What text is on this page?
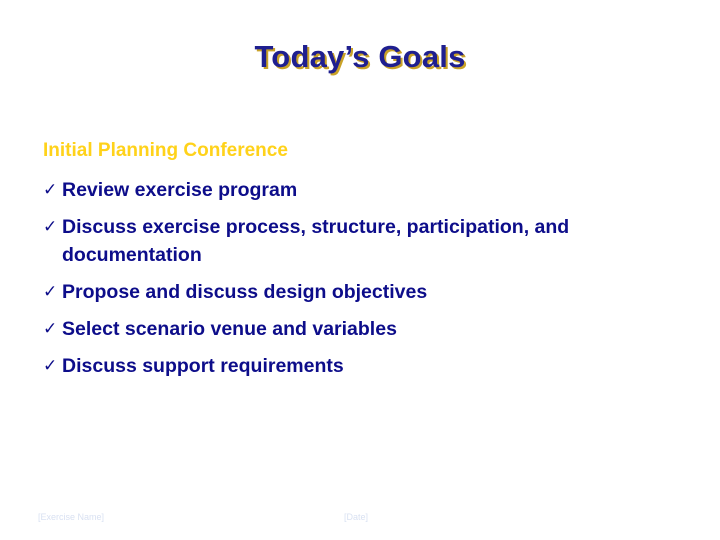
Today’s Goals
Initial Planning Conference
✓ Review exercise program
✓ Discuss exercise process, structure, participation, and documentation
✓ Propose and discuss design objectives
✓ Select scenario venue and variables
✓ Discuss support requirements
[Exercise Name]	[Date]
